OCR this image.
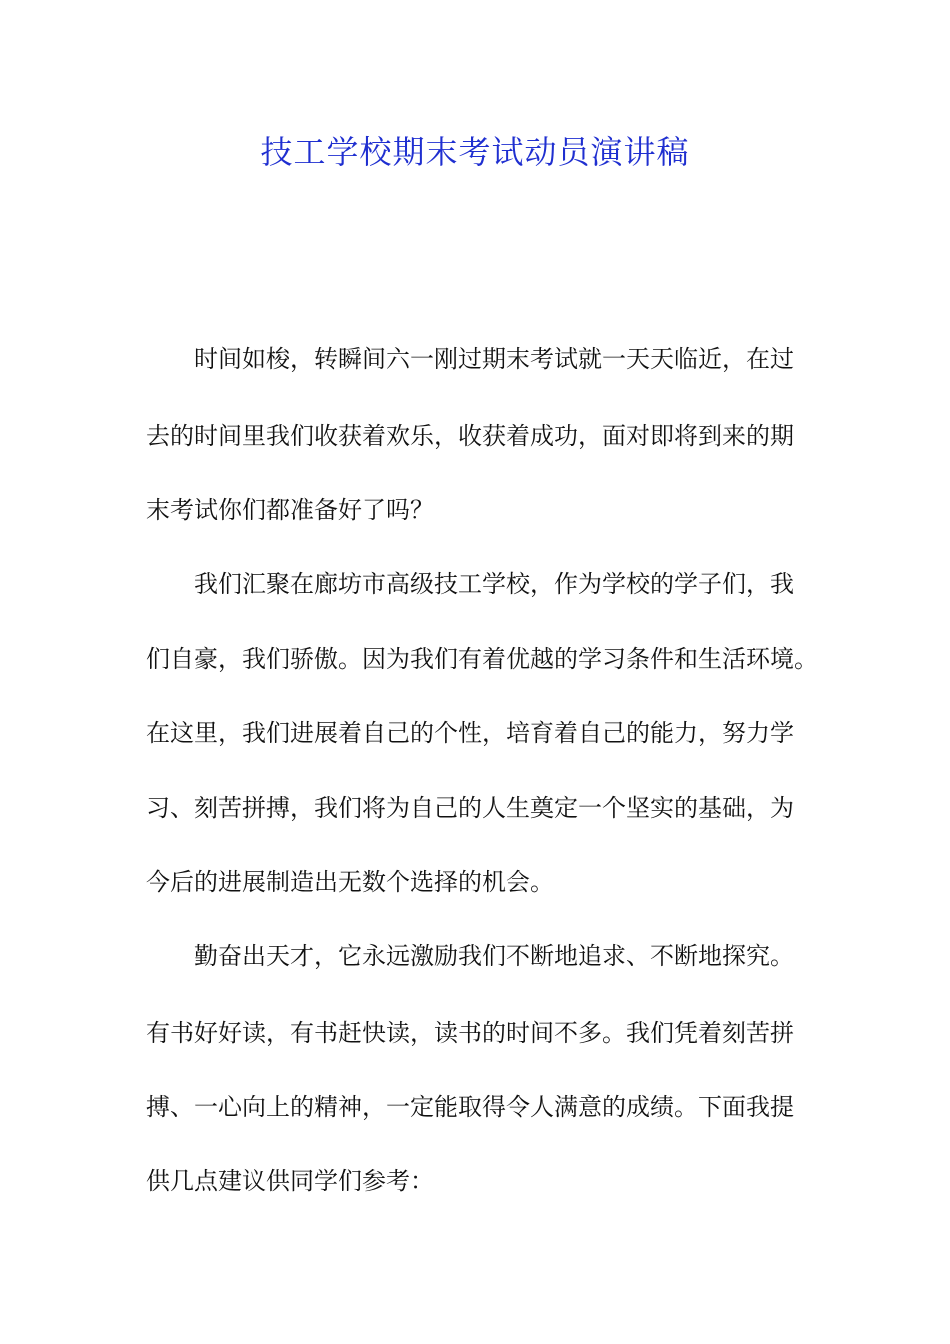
技工学校期末考试动员演讲稿

时间如梭，转瞬间六一刚过期末考试就一天天临近，在过

去的时间里我们收获着欢乐，收获着成功，面对即将到来的期

末考试你们都准备好了吗？

我们汇聚在廊坊市高级技工学校，作为学校的学子们，我

们自豪，我们骄傲。因为我们有着优越的学习条件和生活环境。

在这里，我们进展着自己的个性，培育着自己的能力，努力学

习、刻苦拼搏，我们将为自己的人生奠定一个坚实的基础，为

今后的进展制造出无数个选择的机会。

勤奋出天才，它永远激励我们不断地追求、不断地探究。

有书好好读，有书赶快读，读书的时间不多。我们凭着刻苦拼

搏、一心向上的精神，一定能取得令人满意的成绩。下面我提

供几点建议供同学们参考：
